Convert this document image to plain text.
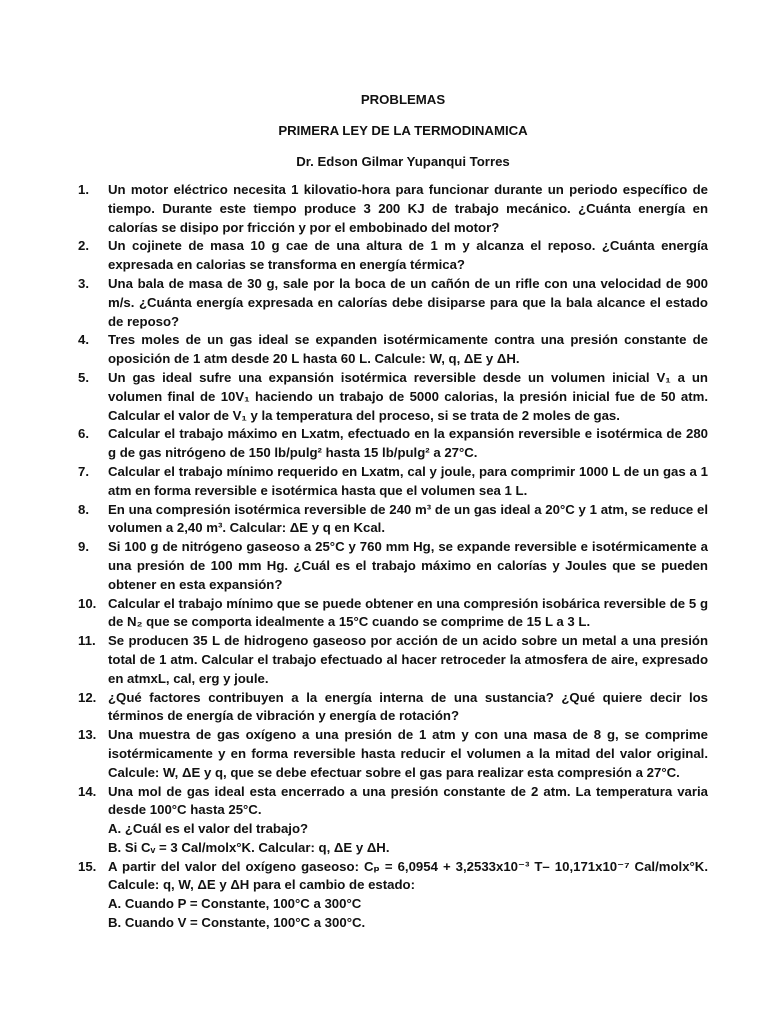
PROBLEMAS
PRIMERA LEY DE LA TERMODINAMICA
Dr. Edson Gilmar Yupanqui Torres
1.	Un motor eléctrico necesita 1 kilovatio-hora para funcionar durante un periodo específico de tiempo. Durante este tiempo produce 3 200 KJ de trabajo mecánico. ¿Cuánta energía en calorías se disipo por fricción y por el embobinado del motor?
2.	Un cojinete de masa 10 g cae de una altura de 1 m y alcanza el reposo. ¿Cuánta energía expresada en calorias se transforma en energía térmica?
3.	Una bala de masa de 30 g, sale por la boca de un cañón de un rifle con una velocidad de 900 m/s. ¿Cuánta energía expresada en calorías debe disiparse para que la bala alcance el estado de reposo?
4.	Tres moles de un gas ideal se expanden isotérmicamente contra una presión constante de oposición de 1 atm desde 20 L hasta 60 L. Calcule: W, q, ΔE y ΔH.
5.	Un gas ideal sufre una expansión isotérmica reversible desde un volumen inicial V₁ a un volumen final de 10V₁ haciendo un trabajo de 5000 calorias, la presión inicial fue de 50 atm. Calcular el valor de V₁ y la temperatura del proceso, si se trata de 2 moles de gas.
6.	Calcular el trabajo máximo en Lxatm, efectuado en la expansión reversible e isotérmica de 280 g de gas nitrógeno de 150 lb/pulg² hasta 15 lb/pulg² a 27°C.
7.	Calcular el trabajo mínimo requerido en Lxatm, cal y joule, para comprimir 1000 L de un gas a 1 atm en forma reversible e isotérmica hasta que el volumen sea 1 L.
8.	En una compresión isotérmica reversible de 240 m³ de un gas ideal a 20°C y 1 atm, se reduce el volumen a 2,40 m³. Calcular: ΔE y q en Kcal.
9.	Si 100 g de nitrógeno gaseoso a 25°C y 760 mm Hg, se expande reversible e isotérmicamente a una presión de 100 mm Hg. ¿Cuál es el trabajo máximo en calorías y Joules que se pueden obtener en esta expansión?
10. Calcular el trabajo mínimo que se puede obtener en una compresión isobárica reversible de 5 g de N₂ que se comporta idealmente a 15°C cuando se comprime de 15 L a 3 L.
11. Se producen 35 L de hidrogeno gaseoso por acción de un acido sobre un metal a una presión total de 1 atm. Calcular el trabajo efectuado al hacer retroceder la atmosfera de aire, expresado en atmxL, cal, erg y joule.
12. ¿Qué factores contribuyen a la energía interna de una sustancia? ¿Qué quiere decir los términos de energía de vibración y energía de rotación?
13. Una muestra de gas oxígeno a una presión de 1 atm y con una masa de 8 g, se comprime isotérmicamente y en forma reversible hasta reducir el volumen a la mitad del valor original. Calcule: W, ΔE y q, que se debe efectuar sobre el gas para realizar esta compresión a 27°C.
14. Una mol de gas ideal esta encerrado a una presión constante de 2 atm. La temperatura varia desde 100°C hasta 25°C.
A. ¿Cuál es el valor del trabajo?
B. Si Cᵥ = 3 Cal/molx°K. Calcular: q, ΔE y ΔH.
15. A partir del valor del oxígeno gaseoso: Cₚ = 6,0954 + 3,2533x10⁻³ T– 10,171x10⁻⁷ Cal/molx°K. Calcule: q, W, ΔE y ΔH para el cambio de estado:
A. Cuando P = Constante, 100°C a 300°C
B. Cuando V = Constante, 100°C a 300°C.
